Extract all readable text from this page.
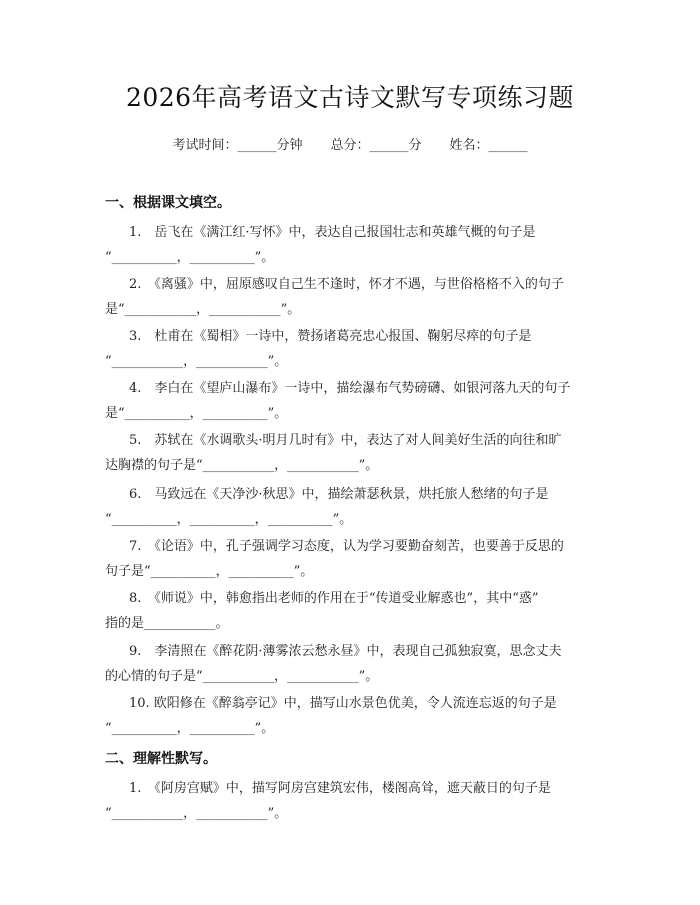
2026年高考语文古诗文默写专项练习题
考试时间：______分钟 总分：______分 姓名：______
一、根据课文填空。
1.　岳飞在《满江红·写怀》中，表达自己报国壮志和英雄气概的句子是
“__________，__________”。
2.　《离骚》中，屈原感叹自己生不逢时，怀才不遇，与世俗格格不入的句子
是“___________，___________”。
3.　杜甫在《蜀相》一诗中，赞扬诸葛亮忠心报国、鞠躬尽瘁的句子是
“___________，___________”。
4.　李白在《望庐山瀑布》一诗中，描绘瀑布气势磅礴、如银河落九天的句子
是“__________，__________”。
5.　苏轼在《水调歌头·明月几时有》中，表达了对人间美好生活的向往和旷
达胸襟的句子是“___________，___________”。
6.　马致远在《天净沙·秋思》中，描绘萧瑟秋景，烘托旅人愁绪的句子是
“__________，__________，__________”。
7.　《论语》中，孔子强调学习态度，认为学习要勤奋刻苦，也要善于反思的
句子是“__________，__________”。
8.　《师说》中，韩愈指出老师的作用在于“传道受业解惑也”，其中“惑”
指的是___________。
9.　李清照在《醉花阴·薄雾浓云愁永昼》中，表现自己孤独寂寞，思念丈夫
的心情的句子是“___________，___________”。
10. 欧阳修在《醉翁亭记》中，描写山水景色优美，令人流连忘返的句子是
“__________，__________”。
二、理解性默写。
1.　《阿房宫赋》中，描写阿房宫建筑宏伟，楼阁高耸，遮天蔽日的句子是
“___________，___________”。
